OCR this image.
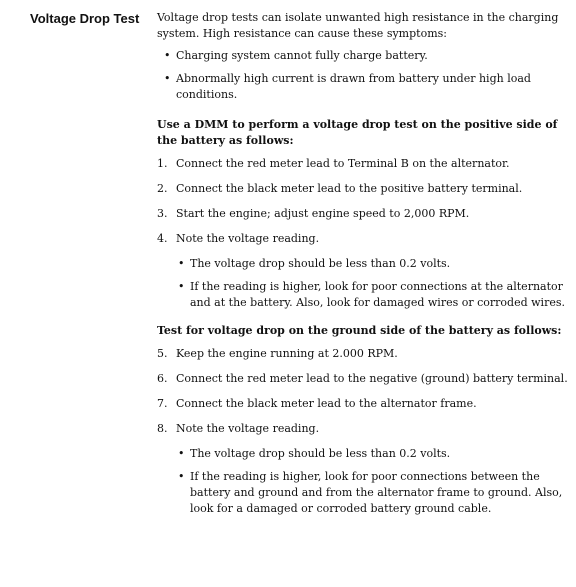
Voltage Drop Test Voltage drop tests can isolate unwanted high resistance in the charging system. High resistance can cause these symptoms:

• Charging system cannot fully charge battery.
• Abnormally high current is drawn from battery under high load conditions.

Use a DMM to perform a voltage drop test on the positive side of the battery as follows:

1. Connect the red meter lead to Terminal B on the alternator.
2. Connect the black meter lead to the positive battery terminal.
3. Start the engine; adjust engine speed to 2,000 RPM.
4. Note the voltage reading.
• The voltage drop should be less than 0.2 volts.
• If the reading is higher, look for poor connections at the alternator and at the battery. Also, look for damaged wires or corroded wires.

Test for voltage drop on the ground side of the battery as follows:

5. Keep the engine running at 2.000 RPM.
6. Connect the red meter lead to the negative (ground) battery terminal.
7. Connect the black meter lead to the alternator frame.
8. Note the voltage reading.
• The voltage drop should be less than 0.2 volts.
• If the reading is higher, look for poor connections between the battery and ground and from the alternator frame to ground. Also, look for a damaged or corroded battery ground cable.
